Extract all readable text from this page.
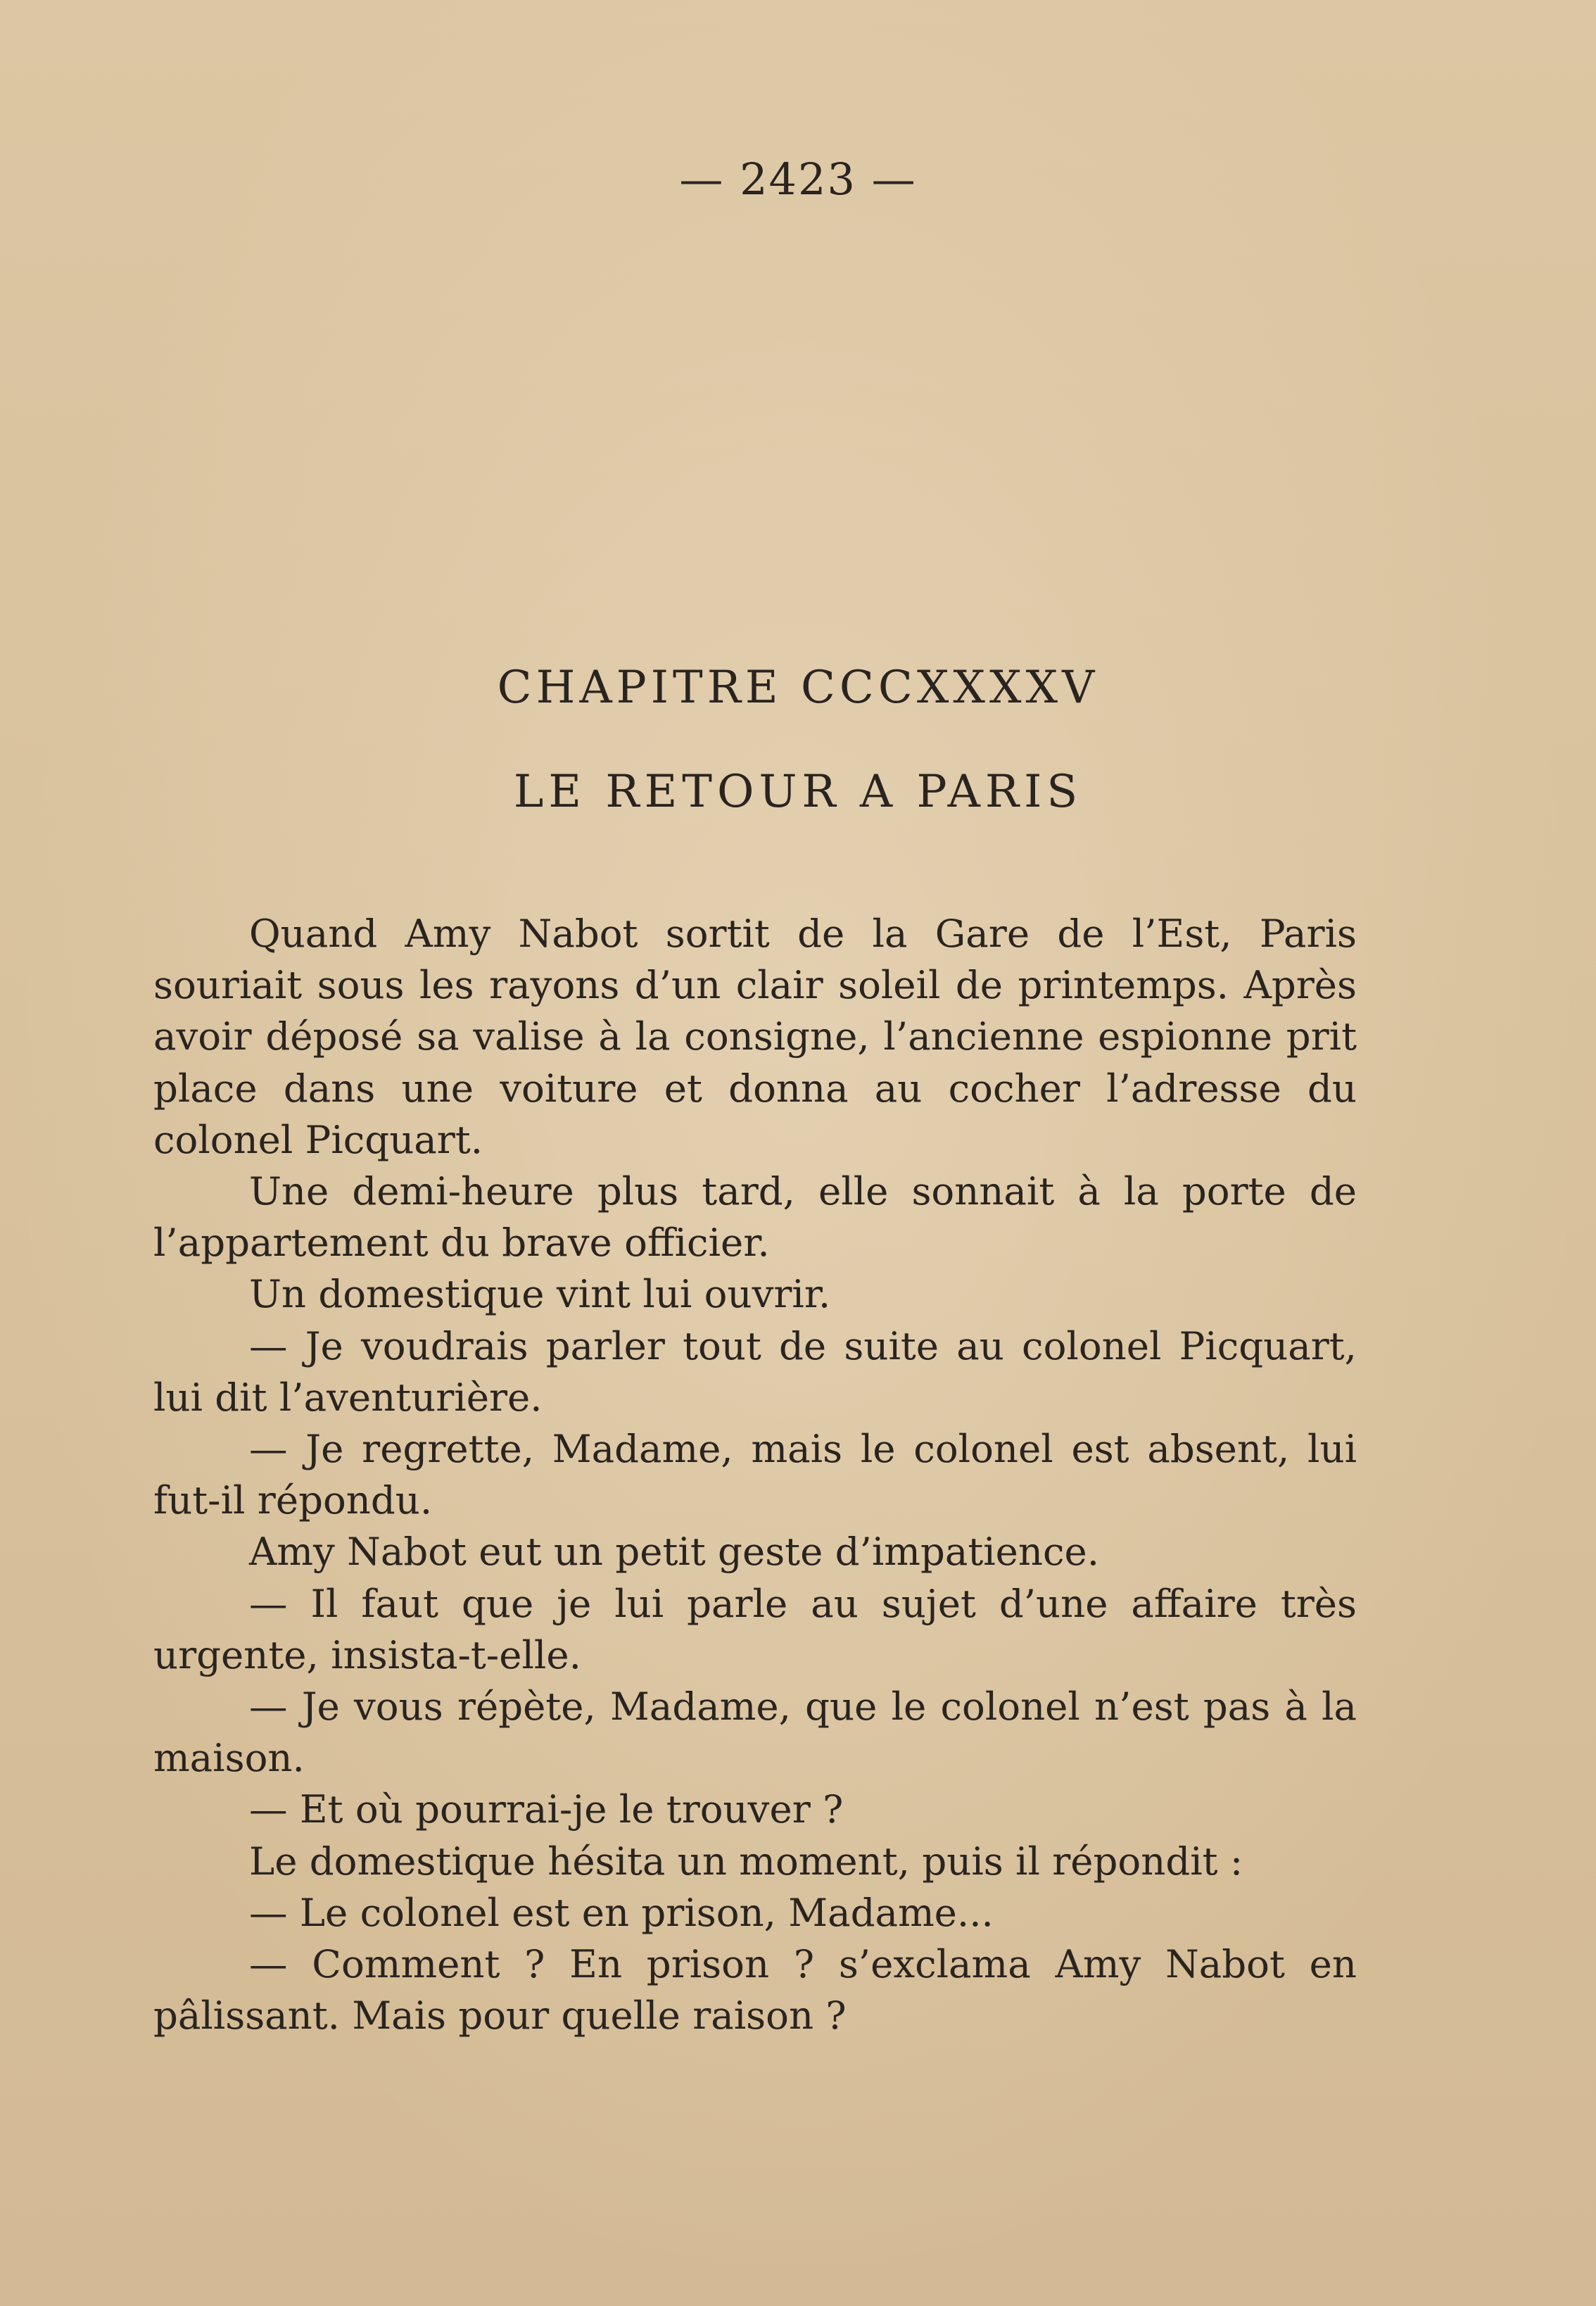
— 2423 —
CHAPITRE CCCXXXXV
LE RETOUR A PARIS

Quand Amy Nabot sortit de la Gare de l’Est, Paris souriait sous les rayons d’un clair soleil de printemps. Après avoir déposé sa valise à la consigne, l’ancienne espionne prit place dans une voiture et donna au cocher l’adresse du colonel Picquart.

Une demi-heure plus tard, elle sonnait à la porte de l’appartement du brave officier.

Un domestique vint lui ouvrir.

— Je voudrais parler tout de suite au colonel Picquart, lui dit l’aventurière.

— Je regrette, Madame, mais le colonel est absent, lui fut-il répondu.

Amy Nabot eut un petit geste d’impatience.

— Il faut que je lui parle au sujet d’une affaire très urgente, insista-t-elle.

— Je vous répète, Madame, que le colonel n’est pas à la maison.

— Et où pourrai-je le trouver ?

Le domestique hésita un moment, puis il répondit :

— Le colonel est en prison, Madame...

— Comment ? En prison ? s’exclama Amy Nabot en pâlissant. Mais pour quelle raison ?
